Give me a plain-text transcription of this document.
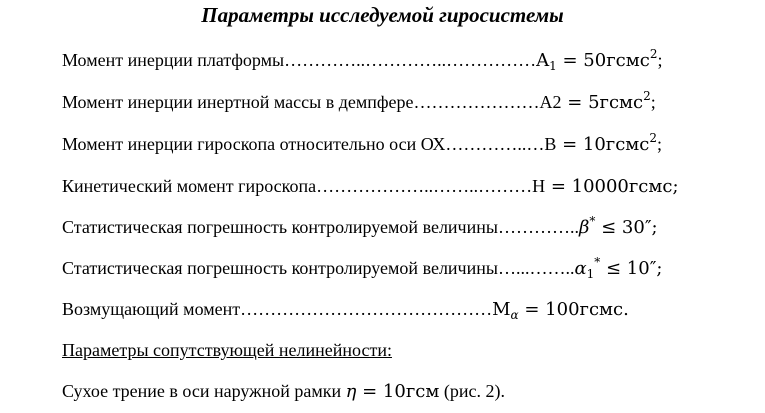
Параметры исследуемой гиросистемы
Момент инерции $платформы\dots\dots\dots\dots..\dots\dots\dots\dots..\dots\dots\dots\dots\dots A_1$ = 50гсмс$^2$;
Момент инерции инертной массы в демпфере…………………A2 = 5гсмс$^2$;
Момент инерции гироскопа относительно оси ОХ…………..…B = 10гсмс$^2$;
Кинетический момент гироскопа………………..……..………H = 10000гсмс;
Статистическая погрешность контролируемой величины…………..β* ≤ 30″;
Статистическая погрешность контролируемой $величины\dots...\dots\dots..\alpha_1^* \le 10''$;
Возмущающий $момент\dots\dots\dots\dots\dots\dots\dots\dots\dots\dots\dots\dots\dots\dots M_\alpha$ = 100гсмс.
Параметры сопутствующей нелинейности:
Сухое трение в оси наружной рамки η = 10гсм (рис. 2).
